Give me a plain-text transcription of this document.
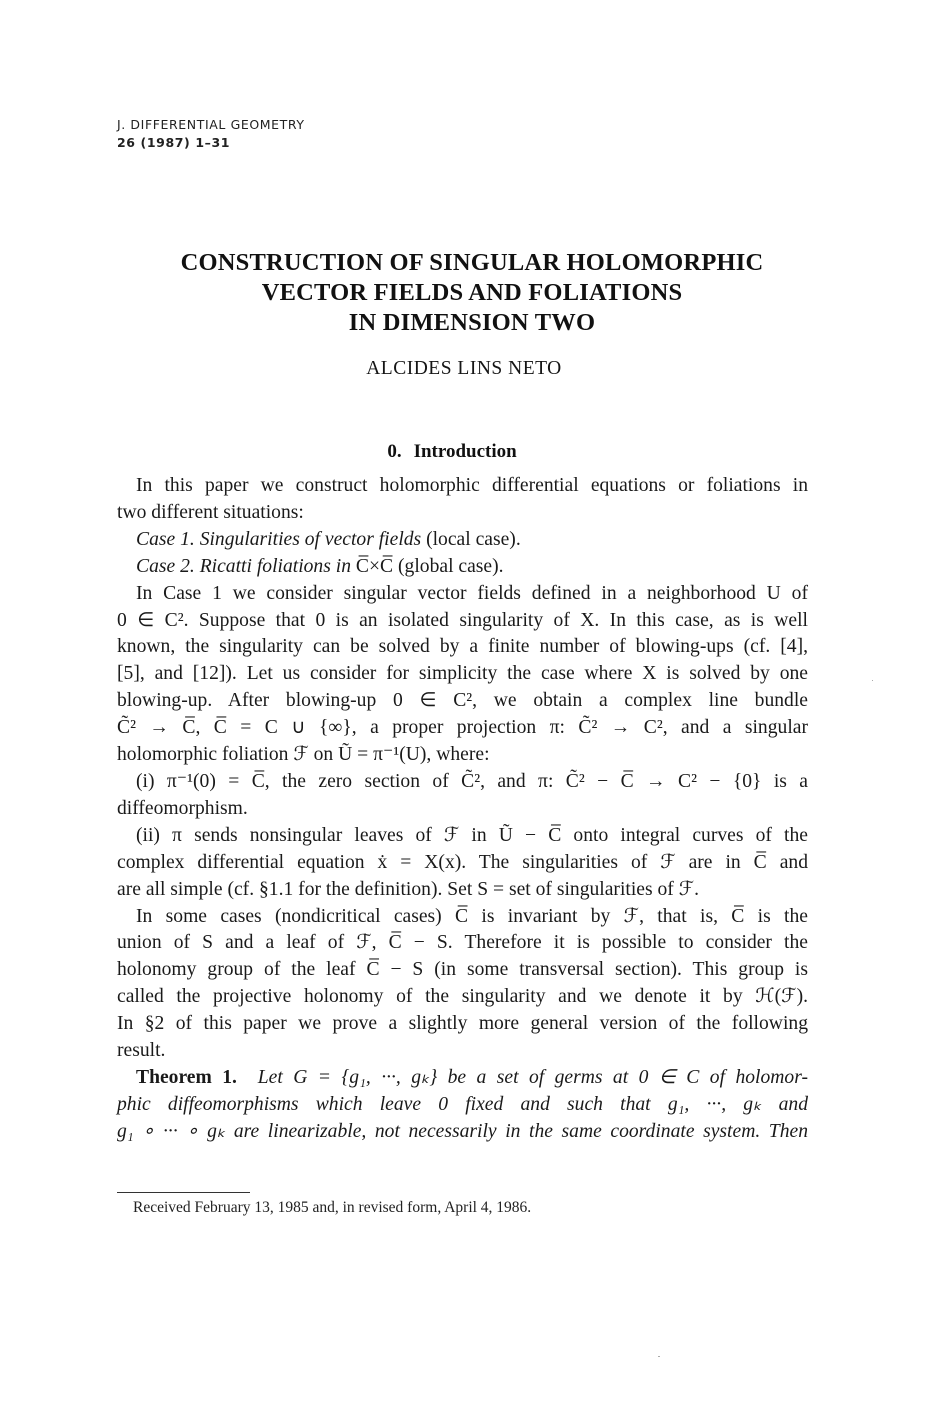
J. DIFFERENTIAL GEOMETRY
26 (1987) 1–31
CONSTRUCTION OF SINGULAR HOLOMORPHIC
VECTOR FIELDS AND FOLIATIONS
IN DIMENSION TWO
ALCIDES LINS NETO
0. Introduction

In this paper we construct holomorphic differential equations or foliations in
two different situations:

Case 1. Singularities of vector fields (local case).

Case 2. Ricatti foliations in C̅×C̅ (global case).

In Case 1 we consider singular vector fields defined in a neighborhood U of
0 ∈ C². Suppose that 0 is an isolated singularity of X. In this case, as is well
known, the singularity can be solved by a finite number of blowing-ups (cf. [4],
[5], and [12]). Let us consider for simplicity the case where X is solved by one
blowing-up. After blowing-up 0 ∈ C², we obtain a complex line bundle
C̃² → C̅, C̅ = C ∪ {∞}, a proper projection π: C̃² → C², and a singular
holomorphic foliation ℱ on Ũ = π⁻¹(U), where:

(i) π⁻¹(0) = C̅, the zero section of C̃², and π: C̃² − C̅ → C² − {0} is a
diffeomorphism.

(ii) π sends nonsingular leaves of ℱ in Ũ − C̅ onto integral curves of the
complex differential equation ẋ = X(x). The singularities of ℱ are in C̅ and
are all simple (cf. §1.1 for the definition). Set S = set of singularities of ℱ.

In some cases (nondicritical cases) C̅ is invariant by ℱ, that is, C̅ is the
union of S and a leaf of ℱ, C̅ − S. Therefore it is possible to consider the
holonomy group of the leaf C̅ − S (in some transversal section). This group is
called the projective holonomy of the singularity and we denote it by ℋ(ℱ).
In §2 of this paper we prove a slightly more general version of the following
result.

Theorem 1. Let G = {g₁, ···, gₖ} be a set of germs at 0 ∈ C of holomor-
phic diffeomorphisms which leave 0 fixed and such that g₁, ···, gₖ and
g₁ ∘ ··· ∘ gₖ are linearizable, not necessarily in the same coordinate system. Then

Received February 13, 1985 and, in revised form, April 4, 1986.
